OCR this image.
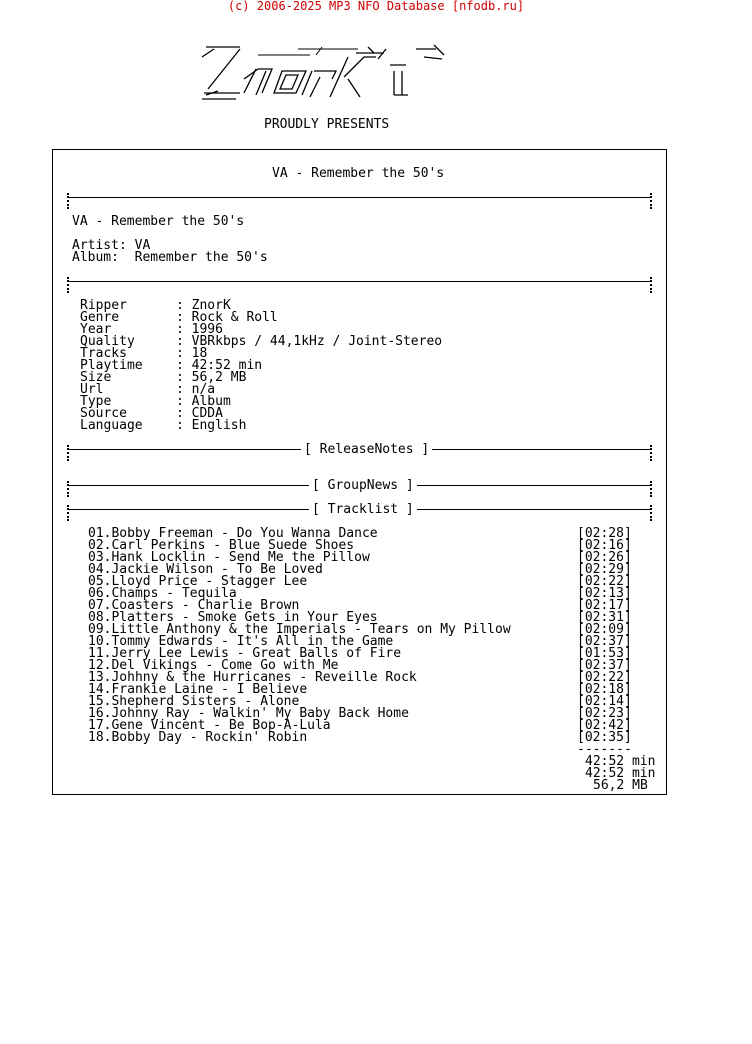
(c) 2006-2025 MP3 NFO Database [nfodb.ru]
PROUDLY PRESENTS
VA - Remember the 50's
VA - Remember the 50's
Artist: VA
Album:  Remember the 50's
Ripper	: ZnorK
Genre	: Rock & Roll
Year	: 1996
Quality	: VBRkbps / 44,1kHz / Joint-Stereo
Tracks	: 18
Playtime	: 42:52 min
Size	: 56,2 MB
Url	: n/a
Type	: Album
Source	: CDDA
Language	: English
[ ReleaseNotes ]
[ GroupNews ]
[ Tracklist ]
01.Bobby Freeman - Do You Wanna Dance	[02:28]
02.Carl Perkins - Blue Suede Shoes	[02:16]
03.Hank Locklin - Send Me the Pillow	[02:26]
04.Jackie Wilson - To Be Loved	[02:29]
05.Lloyd Price - Stagger Lee	[02:22]
06.Champs - Tequila	[02:13]
07.Coasters - Charlie Brown	[02:17]
08.Platters - Smoke Gets in Your Eyes	[02:31]
09.Little Anthony & the Imperials - Tears on My Pillow	[02:09]
10.Tommy Edwards - It's All in the Game	[02:37]
11.Jerry Lee Lewis - Great Balls of Fire	[01:53]
12.Del Vikings - Come Go with Me	[02:37]
13.Johhny & the Hurricanes - Reveille Rock	[02:22]
14.Frankie Laine - I Believe	[02:18]
15.Shepherd Sisters - Alone	[02:14]
16.Johnny Ray - Walkin' My Baby Back Home	[02:23]
17.Gene Vincent - Be Bop-A-Lula	[02:42]
18.Bobby Day - Rockin' Robin	[02:35]
-------
42:52 min
42:52 min
56,2 MB
